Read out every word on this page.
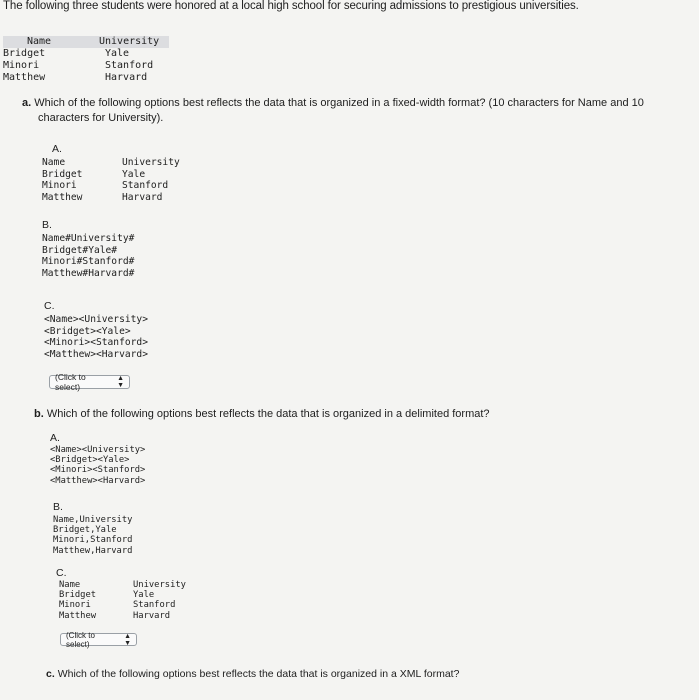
The following three students were honored at a local high school for securing admissions to prestigious universities.
Name	University
Bridget	Yale
Minori	Stanford
Matthew	Harvard
a. Which of the following options best reflects the data that is organized in a fixed-width format? (10 characters for Name and 10
characters for University).
A.
Name	University
Bridget	Yale
Minori	Stanford
Matthew	Harvard
B.
Name#University#
Bridget#Yale#
Minori#Stanford#
Matthew#Harvard#
C.
<Name><University>
<Bridget><Yale>
<Minori><Stanford>
<Matthew><Harvard>
(Click to select)
▲
▼
b. Which of the following options best reflects the data that is organized in a delimited format?
A.
<Name><University>
<Bridget><Yale>
<Minori><Stanford>
<Matthew><Harvard>
B.
Name,University
Bridget,Yale
Minori,Stanford
Matthew,Harvard
C.
Name	University
Bridget	Yale
Minori	Stanford
Matthew	Harvard
(Click to select)
▲
▼
c. Which of the following options best reflects the data that is organized in a XML format?
